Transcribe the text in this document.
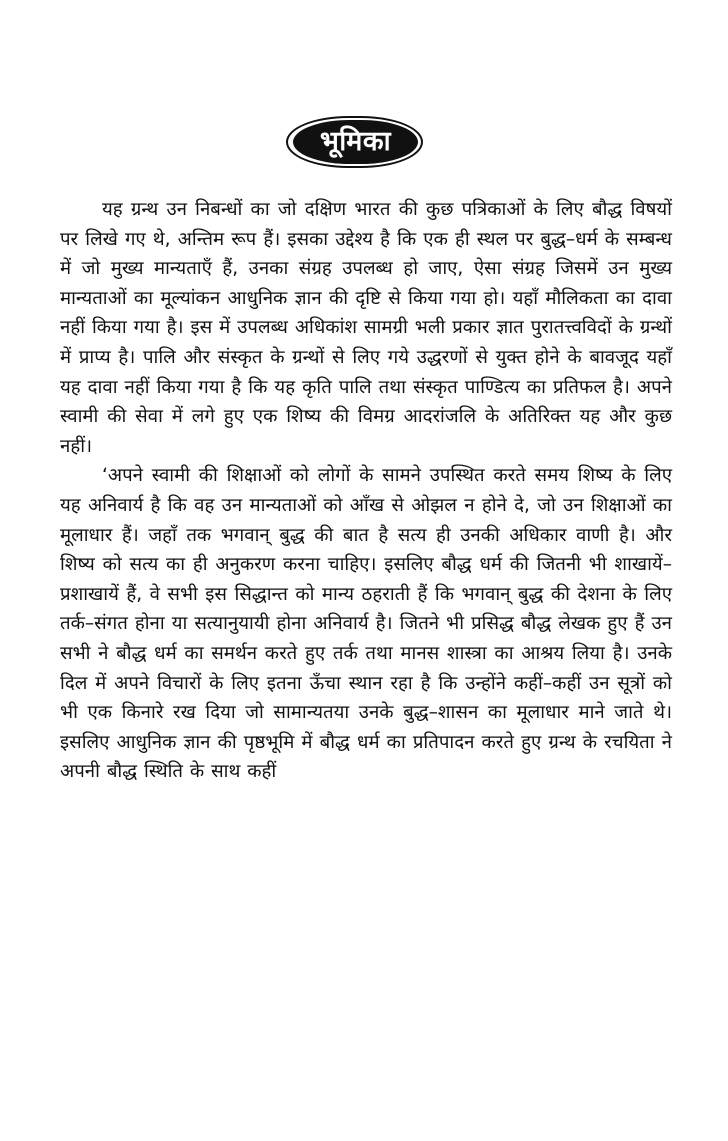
भूमिका

यह ग्रन्थ उन निबन्धों का जो दक्षिण भारत की कुछ पत्रिकाओं के लिए बौद्ध विषयों पर लिखे गए थे, अन्तिम रूप हैं। इसका उद्देश्य है कि एक ही स्थल पर बुद्ध–धर्म के सम्बन्ध में जो मुख्य मान्यताएँ हैं, उनका संग्रह उपलब्ध हो जाए, ऐसा संग्रह जिसमें उन मुख्य मान्यताओं का मूल्यांकन आधुनिक ज्ञान की दृष्टि से किया गया हो। यहाँ मौलिकता का दावा नहीं किया गया है। इस में उपलब्ध अधिकांश सामग्री भली प्रकार ज्ञात पुरातत्त्वविदों के ग्रन्थों में प्राप्य है। पालि और संस्कृत के ग्रन्थों से लिए गये उद्धरणों से युक्त होने के बावजूद यहाँ यह दावा नहीं किया गया है कि यह कृति पालि तथा संस्कृत पाण्डित्य का प्रतिफल है। अपने स्वामी की सेवा में लगे हुए एक शिष्य की विमग्र आदरांजलि के अतिरिक्त यह और कुछ नहीं।

‘अपने स्वामी की शिक्षाओं को लोगों के सामने उपस्थित करते समय शिष्य के लिए यह अनिवार्य है कि वह उन मान्यताओं को आँख से ओझल न होने दे, जो उन शिक्षाओं का मूलाधार हैं। जहाँ तक भगवान् बुद्ध की बात है सत्य ही उनकी अधिकार वाणी है। और शिष्य को सत्य का ही अनुकरण करना चाहिए। इसलिए बौद्ध धर्म की जितनी भी शाखायें–प्रशाखायें हैं, वे सभी इस सिद्धान्त को मान्य ठहराती हैं कि भगवान् बुद्ध की देशना के लिए तर्क–संगत होना या सत्यानुयायी होना अनिवार्य है। जितने भी प्रसिद्ध बौद्ध लेखक हुए हैं उन सभी ने बौद्ध धर्म का समर्थन करते हुए तर्क तथा मानस शास्त्रा का आश्रय लिया है। उनके दिल में अपने विचारों के लिए इतना ऊँचा स्थान रहा है कि उन्होंने कहीं–कहीं उन सूत्रों को भी एक किनारे रख दिया जो सामान्यतया उनके बुद्ध–शासन का मूलाधार माने जाते थे। इसलिए आधुनिक ज्ञान की पृष्ठभूमि में बौद्ध धर्म का प्रतिपादन करते हुए ग्रन्थ के रचयिता ने अपनी बौद्ध स्थिति के साथ कहीं
